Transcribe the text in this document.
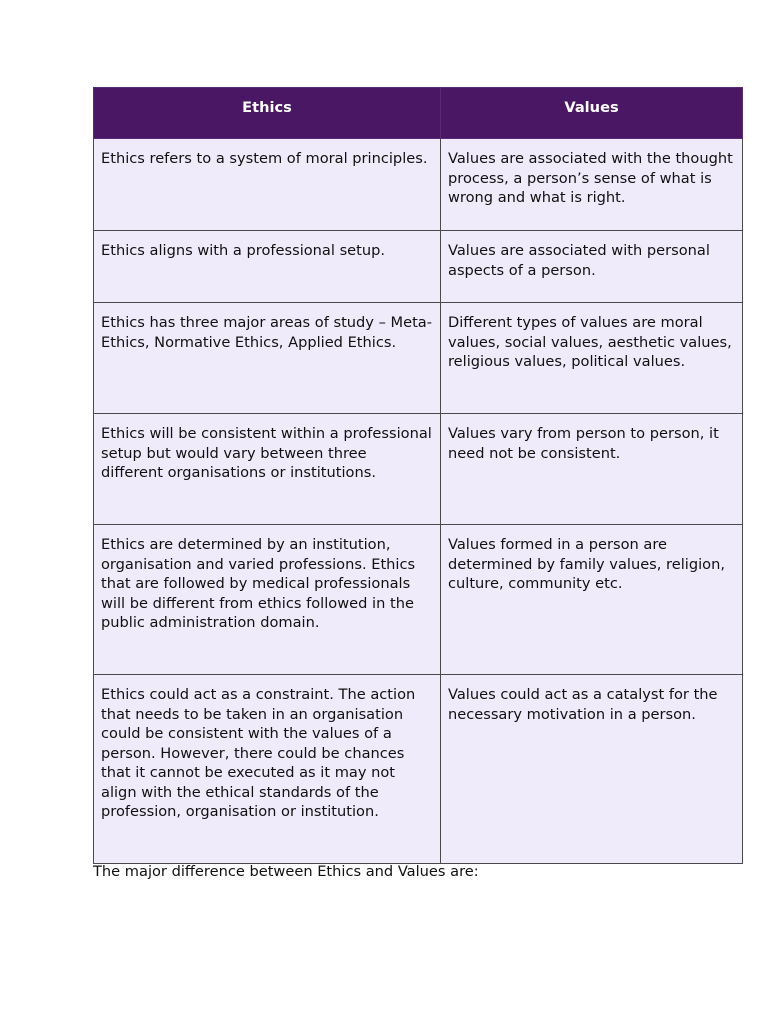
Ethics	Values
Ethics refers to a system of moral principles.	Values are associated with the thought process, a person’s sense of what is wrong and what is right.
Ethics aligns with a professional setup.	Values are associated with personal aspects of a person.
Ethics has three major areas of study – Meta-Ethics, Normative Ethics, Applied Ethics.	Different types of values are moral values, social values, aesthetic values, religious values, political values.
Ethics will be consistent within a professional setup but would vary between three different organisations or institutions.	Values vary from person to person, it need not be consistent.
Ethics are determined by an institution, organisation and varied professions. Ethics that are followed by medical professionals will be different from ethics followed in the public administration domain.	Values formed in a person are determined by family values, religion, culture, community etc.
Ethics could act as a constraint. The action that needs to be taken in an organisation could be consistent with the values of a person. However, there could be chances that it cannot be executed as it may not align with the ethical standards of the profession, organisation or institution.	Values could act as a catalyst for the necessary motivation in a person.
The major difference between Ethics and Values are:
